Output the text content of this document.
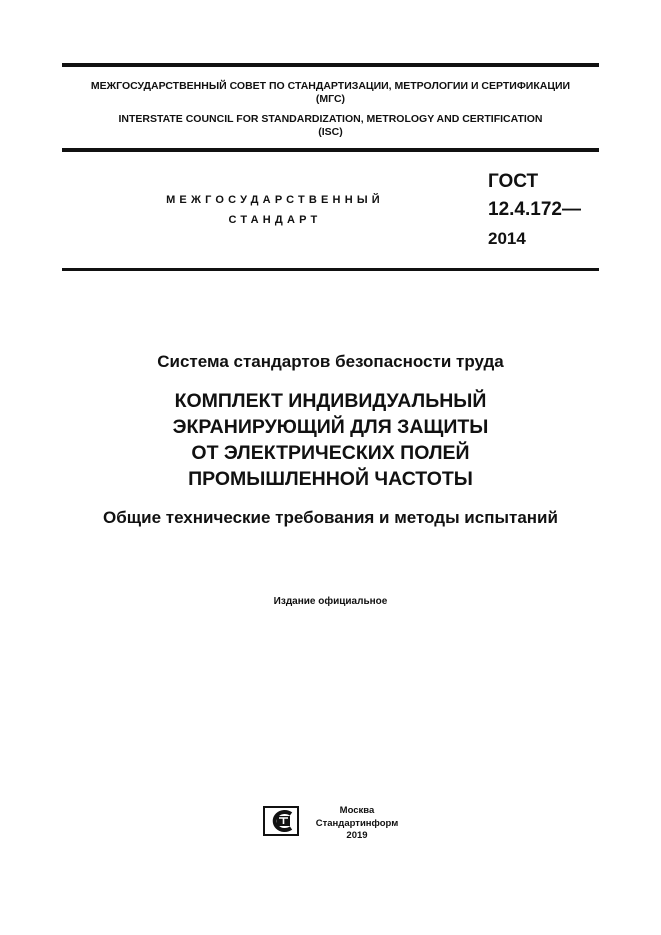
МЕЖГОСУДАРСТВЕННЫЙ СОВЕТ ПО СТАНДАРТИЗАЦИИ, МЕТРОЛОГИИ И СЕРТИФИКАЦИИ
(МГС)
INTERSTATE COUNCIL FOR STANDARDIZATION, METROLOGY AND CERTIFICATION
(ISC)
МЕЖГОСУДАРСТВЕННЫЙ
СТАНДАРТ
ГОСТ
12.4.172—
2014
Система стандартов безопасности труда
КОМПЛЕКТ ИНДИВИДУАЛЬНЫЙ
ЭКРАНИРУЮЩИЙ ДЛЯ ЗАЩИТЫ
ОТ ЭЛЕКТРИЧЕСКИХ ПОЛЕЙ
ПРОМЫШЛЕННОЙ ЧАСТОТЫ
Общие технические требования и методы испытаний
Издание официальное
Москва
Стандартинформ
2019
